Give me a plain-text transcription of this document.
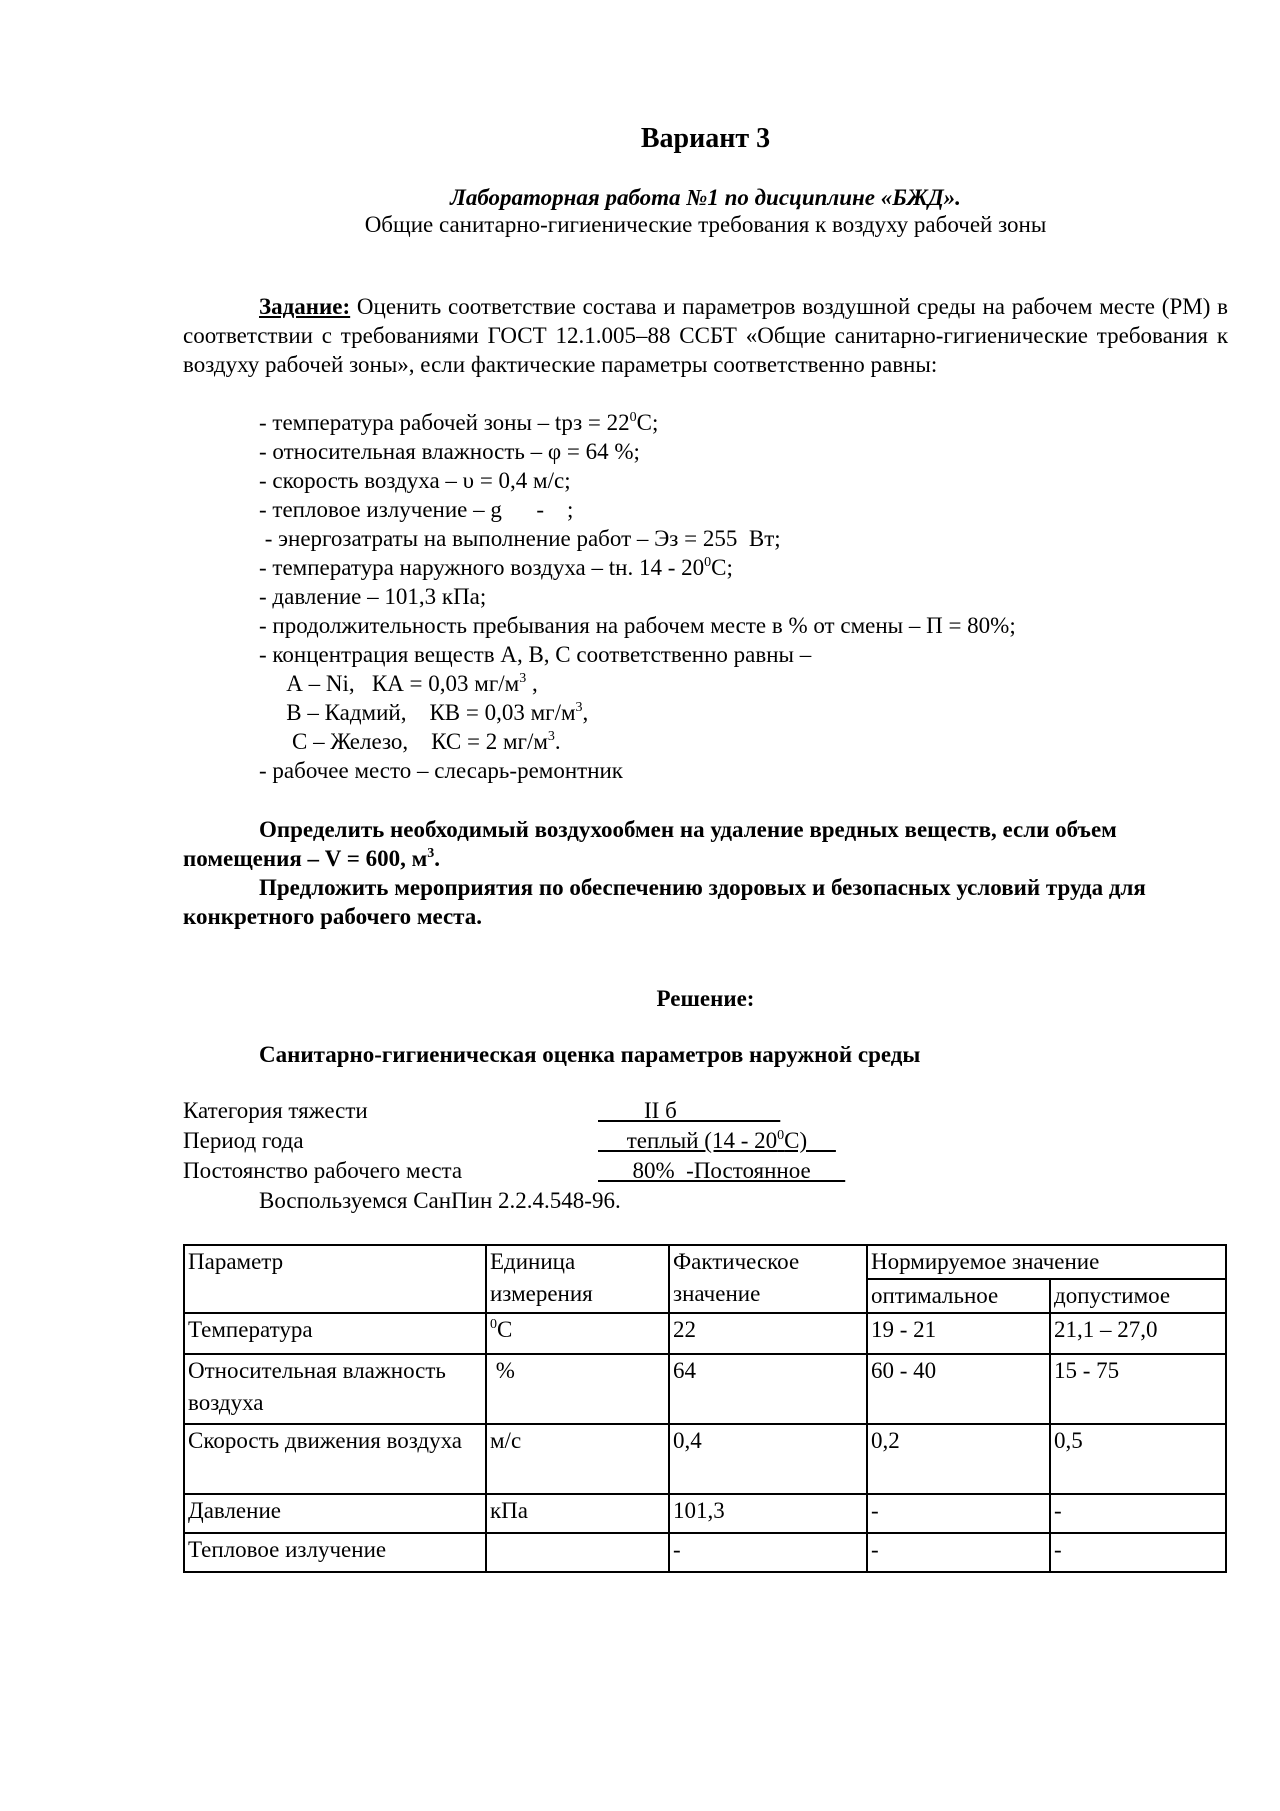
Вариант 3
Лабораторная работа №1 по дисциплине «БЖД».
Общие санитарно-гигиенические требования к воздуху рабочей зоны

Задание: Оценить соответствие состава и параметров воздушной среды на рабочем месте (РМ) в соответствии с требованиями ГОСТ 12.1.005–88 ССБТ «Общие санитарно-гигиенические требования к воздуху рабочей зоны», если фактические параметры соответственно равны:

- температура рабочей зоны – tрз = $22^0С$;
- относительная влажность – φ = 64 %;
- скорость воздуха – υ = 0,4 м/с;
- тепловое излучение – g      -    ;
- энергозатраты на выполнение работ – Эз = 255  Вт;
- температура наружного воздуха – tн. $14 - 20^0С$;
- давление – 101,3 кПа;
- продолжительность пребывания на рабочем месте в % от смены – П = 80%;
- концентрация веществ А, В, С соответственно равны –
А – Ni,   КА = 0,03 $мг/м^3$ ,
В – Кадмий,    КВ = 0,03 $мг/м^3$,
С – Железо,    КС = 2 $мг/м^3$.
- рабочее место – слесарь-ремонтник

Определить необходимый воздухообмен на удаление вредных веществ, если объем помещения – V = 600, $м^3$.

Предложить мероприятия по обеспечению здоровых и безопасных условий труда для конкретного рабочего места.

Решение:
Санитарно-гигиеническая оценка параметров наружной среды
Категория тяжести	II б
Период года	теплый $(14 - 20^0С)$
Постоянство рабочего места	80%  -Постоянное
Воспользуемся СанПин 2.2.4.548-96.
Параметр	Единица измерения	Фактическое значение	Нормируемое значение	
			оптимальное	допустимое
Температура	$^0$С	22	19 - 21	21,1 – 27,0
Относительная влажность воздуха	%	64	60 - 40	15 - 75
Скорость движения воздуха	м/с	0,4	0,2	0,5
Давление	кПа	101,3	-	-
Тепловое излучение		-	-	-
